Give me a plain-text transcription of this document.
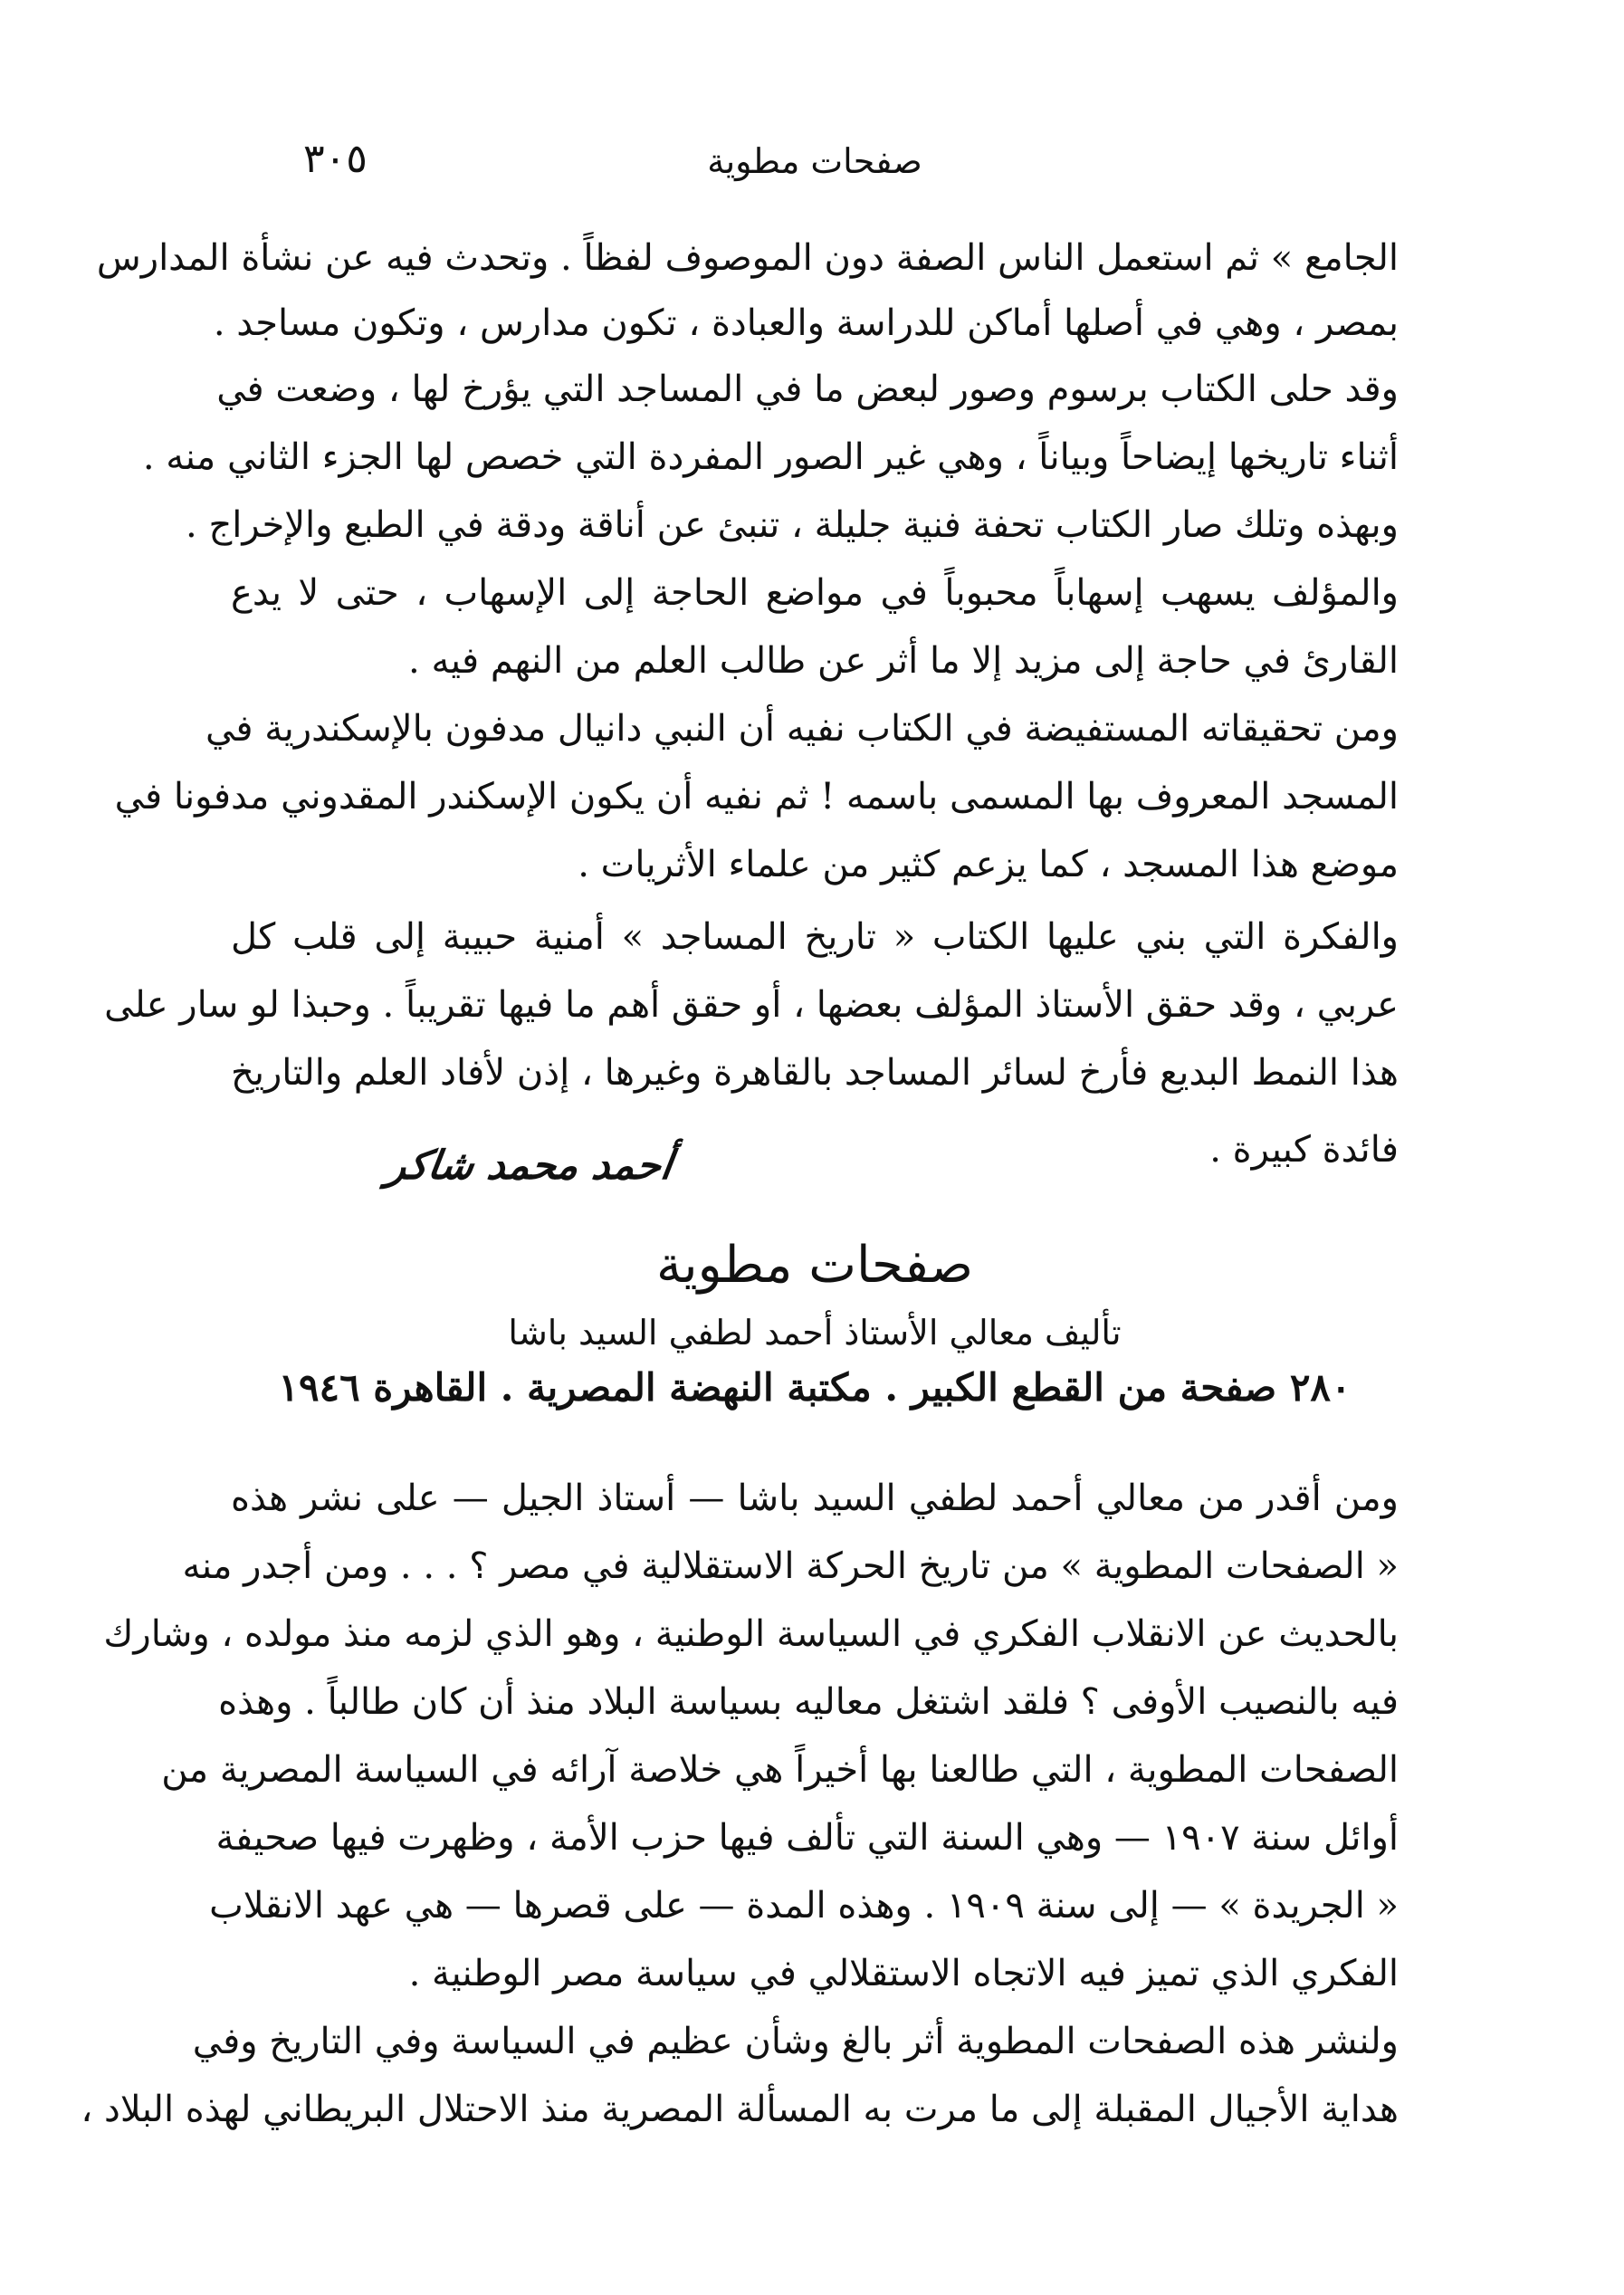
٣٠٥	صفحات مطوية
الجامع » ثم استعمل الناس الصفة دون الموصوف لفظاً . وتحدث فيه عن نشأة المدارس
بمصر ، وهي في أصلها أماكن للدراسة والعبادة ، تكون مدارس ، وتكون مساجد .
وقد حلى الكتاب برسوم وصور لبعض ما في المساجد التي يؤرخ لها ، وضعت في
أثناء تاريخها إيضاحاً وبياناً ، وهي غير الصور المفردة التي خصص لها الجزء الثاني منه .
وبهذه وتلك صار الكتاب تحفة فنية جليلة ، تنبئ عن أناقة ودقة في الطبع والإخراج .
والمؤلف يسهب إسهاباً محبوباً في مواضع الحاجة إلى الإسهاب ، حتى لا يدع
القارئ في حاجة إلى مزيد إلا ما أثر عن طالب العلم من النهم فيه .
ومن تحقيقاته المستفيضة في الكتاب نفيه أن النبي دانيال مدفون بالإسكندرية في
المسجد المعروف بها المسمى باسمه ! ثم نفيه أن يكون الإسكندر المقدوني مدفونا في
موضع هذا المسجد ، كما يزعم كثير من علماء الأثريات .
والفكرة التي بني عليها الكتاب « تاريخ المساجد » أمنية حبيبة إلى قلب كل
عربي ، وقد حقق الأستاذ المؤلف بعضها ، أو حقق أهم ما فيها تقريباً . وحبذا لو سار على
هذا النمط البديع فأرخ لسائر المساجد بالقاهرة وغيرها ، إذن لأفاد العلم والتاريخ
فائدة كبيرة .
أحمد محمد شاكر
صفحات مطوية
تأليف معالي الأستاذ أحمد لطفي السيد باشا
٢٨٠ صفحة من القطع الكبير . مكتبة النهضة المصرية . القاهرة ١٩٤٦
ومن أقدر من معالي أحمد لطفي السيد باشا — أستاذ الجيل — على نشر هذه
« الصفحات المطوية » من تاريخ الحركة الاستقلالية في مصر ؟ . . . ومن أجدر منه
بالحديث عن الانقلاب الفكري في السياسة الوطنية ، وهو الذي لزمه منذ مولده ، وشارك
فيه بالنصيب الأوفى ؟ فلقد اشتغل معاليه بسياسة البلاد منذ أن كان طالباً . وهذه
الصفحات المطوية ، التي طالعنا بها أخيراً هي خلاصة آرائه في السياسة المصرية من
أوائل سنة ١٩٠٧ — وهي السنة التي تألف فيها حزب الأمة ، وظهرت فيها صحيفة
« الجريدة » — إلى سنة ١٩٠٩ . وهذه المدة — على قصرها — هي عهد الانقلاب
الفكري الذي تميز فيه الاتجاه الاستقلالي في سياسة مصر الوطنية .
ولنشر هذه الصفحات المطوية أثر بالغ وشأن عظيم في السياسة وفي التاريخ وفي
هداية الأجيال المقبلة إلى ما مرت به المسألة المصرية منذ الاحتلال البريطاني لهذه البلاد ،
